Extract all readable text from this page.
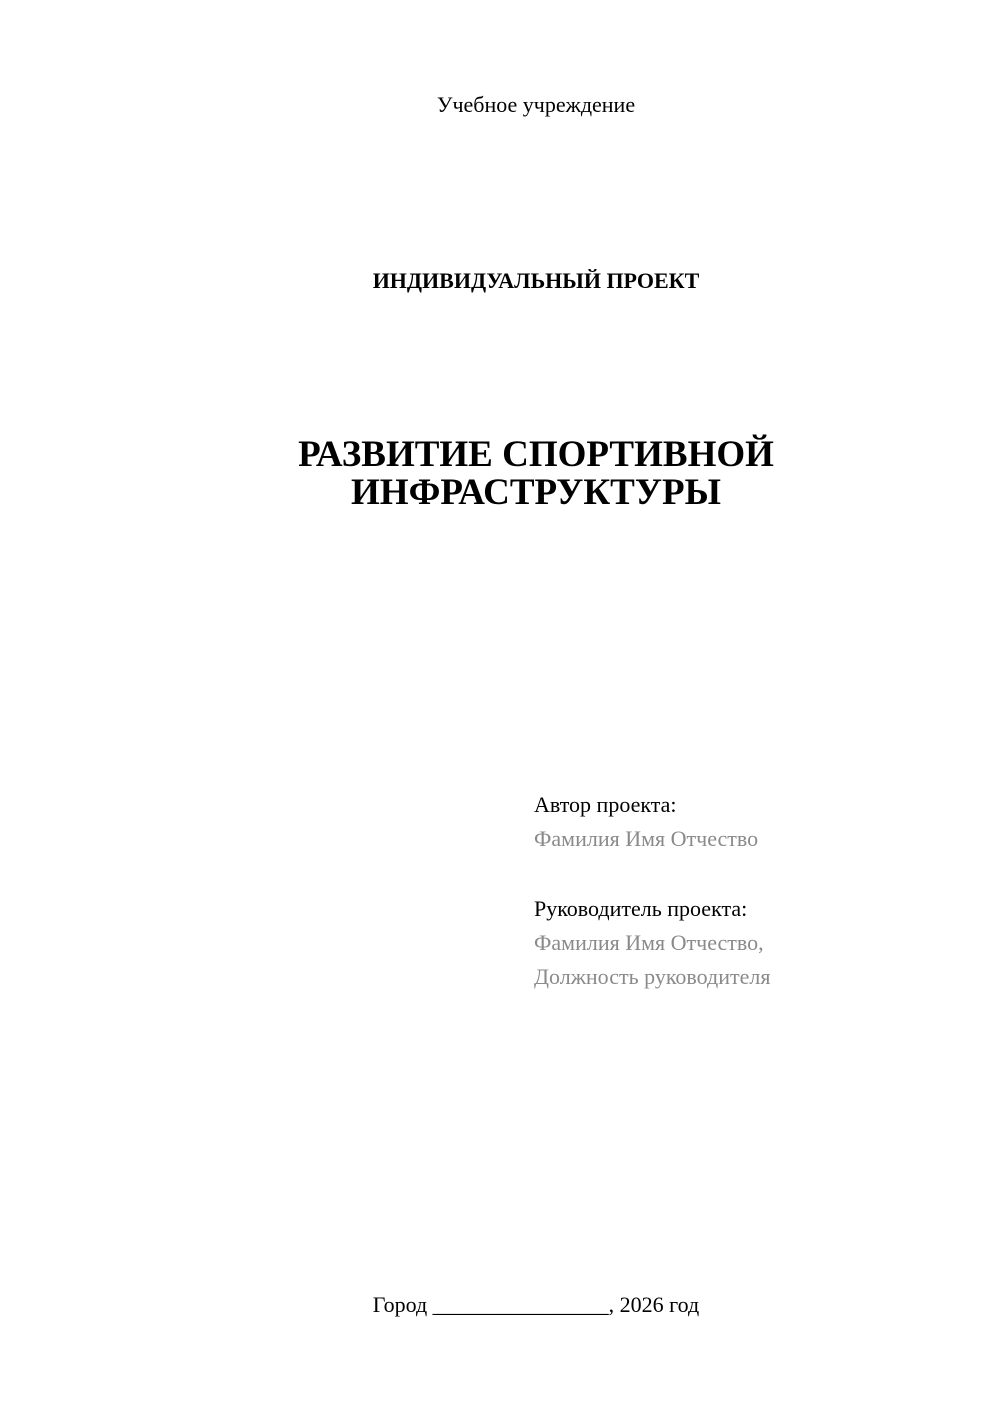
Учебное учреждение
ИНДИВИДУАЛЬНЫЙ ПРОЕКТ
РАЗВИТИЕ СПОРТИВНОЙ
ИНФРАСТРУКТУРЫ
Автор проекта:
Фамилия Имя Отчество
Руководитель проекта:
Фамилия Имя Отчество,
Должность руководителя
Город ________________, 2026 год
